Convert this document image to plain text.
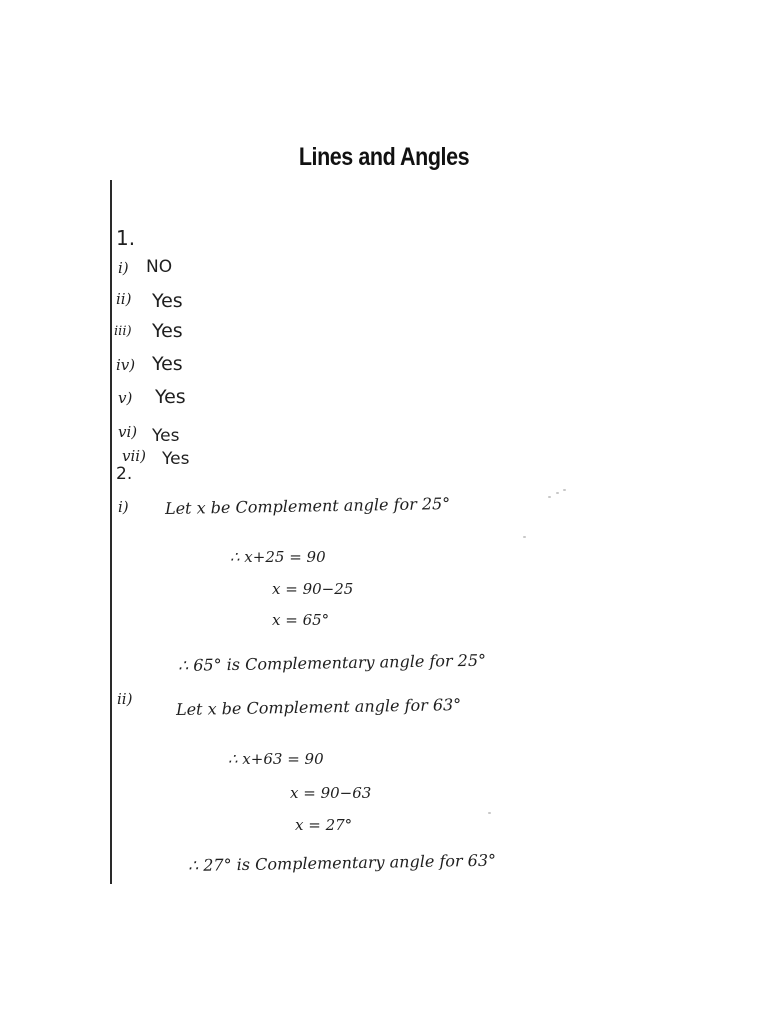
Lines and Angles
1.
i) NO
ii) Yes
iii) Yes
iv) Yes
v) Yes
vi) Yes
vii) Yes
2.
i) Let x be Complement angle for 25°
∴ x+25 = 90
x = 90−25
x = 65°
∴ 65° is Complementary angle for 25°
ii)	Let x be Complement angle for 63°
∴ x+63 = 90
x = 90−63
x = 27°
∴ 27° is Complementary angle for 63°
